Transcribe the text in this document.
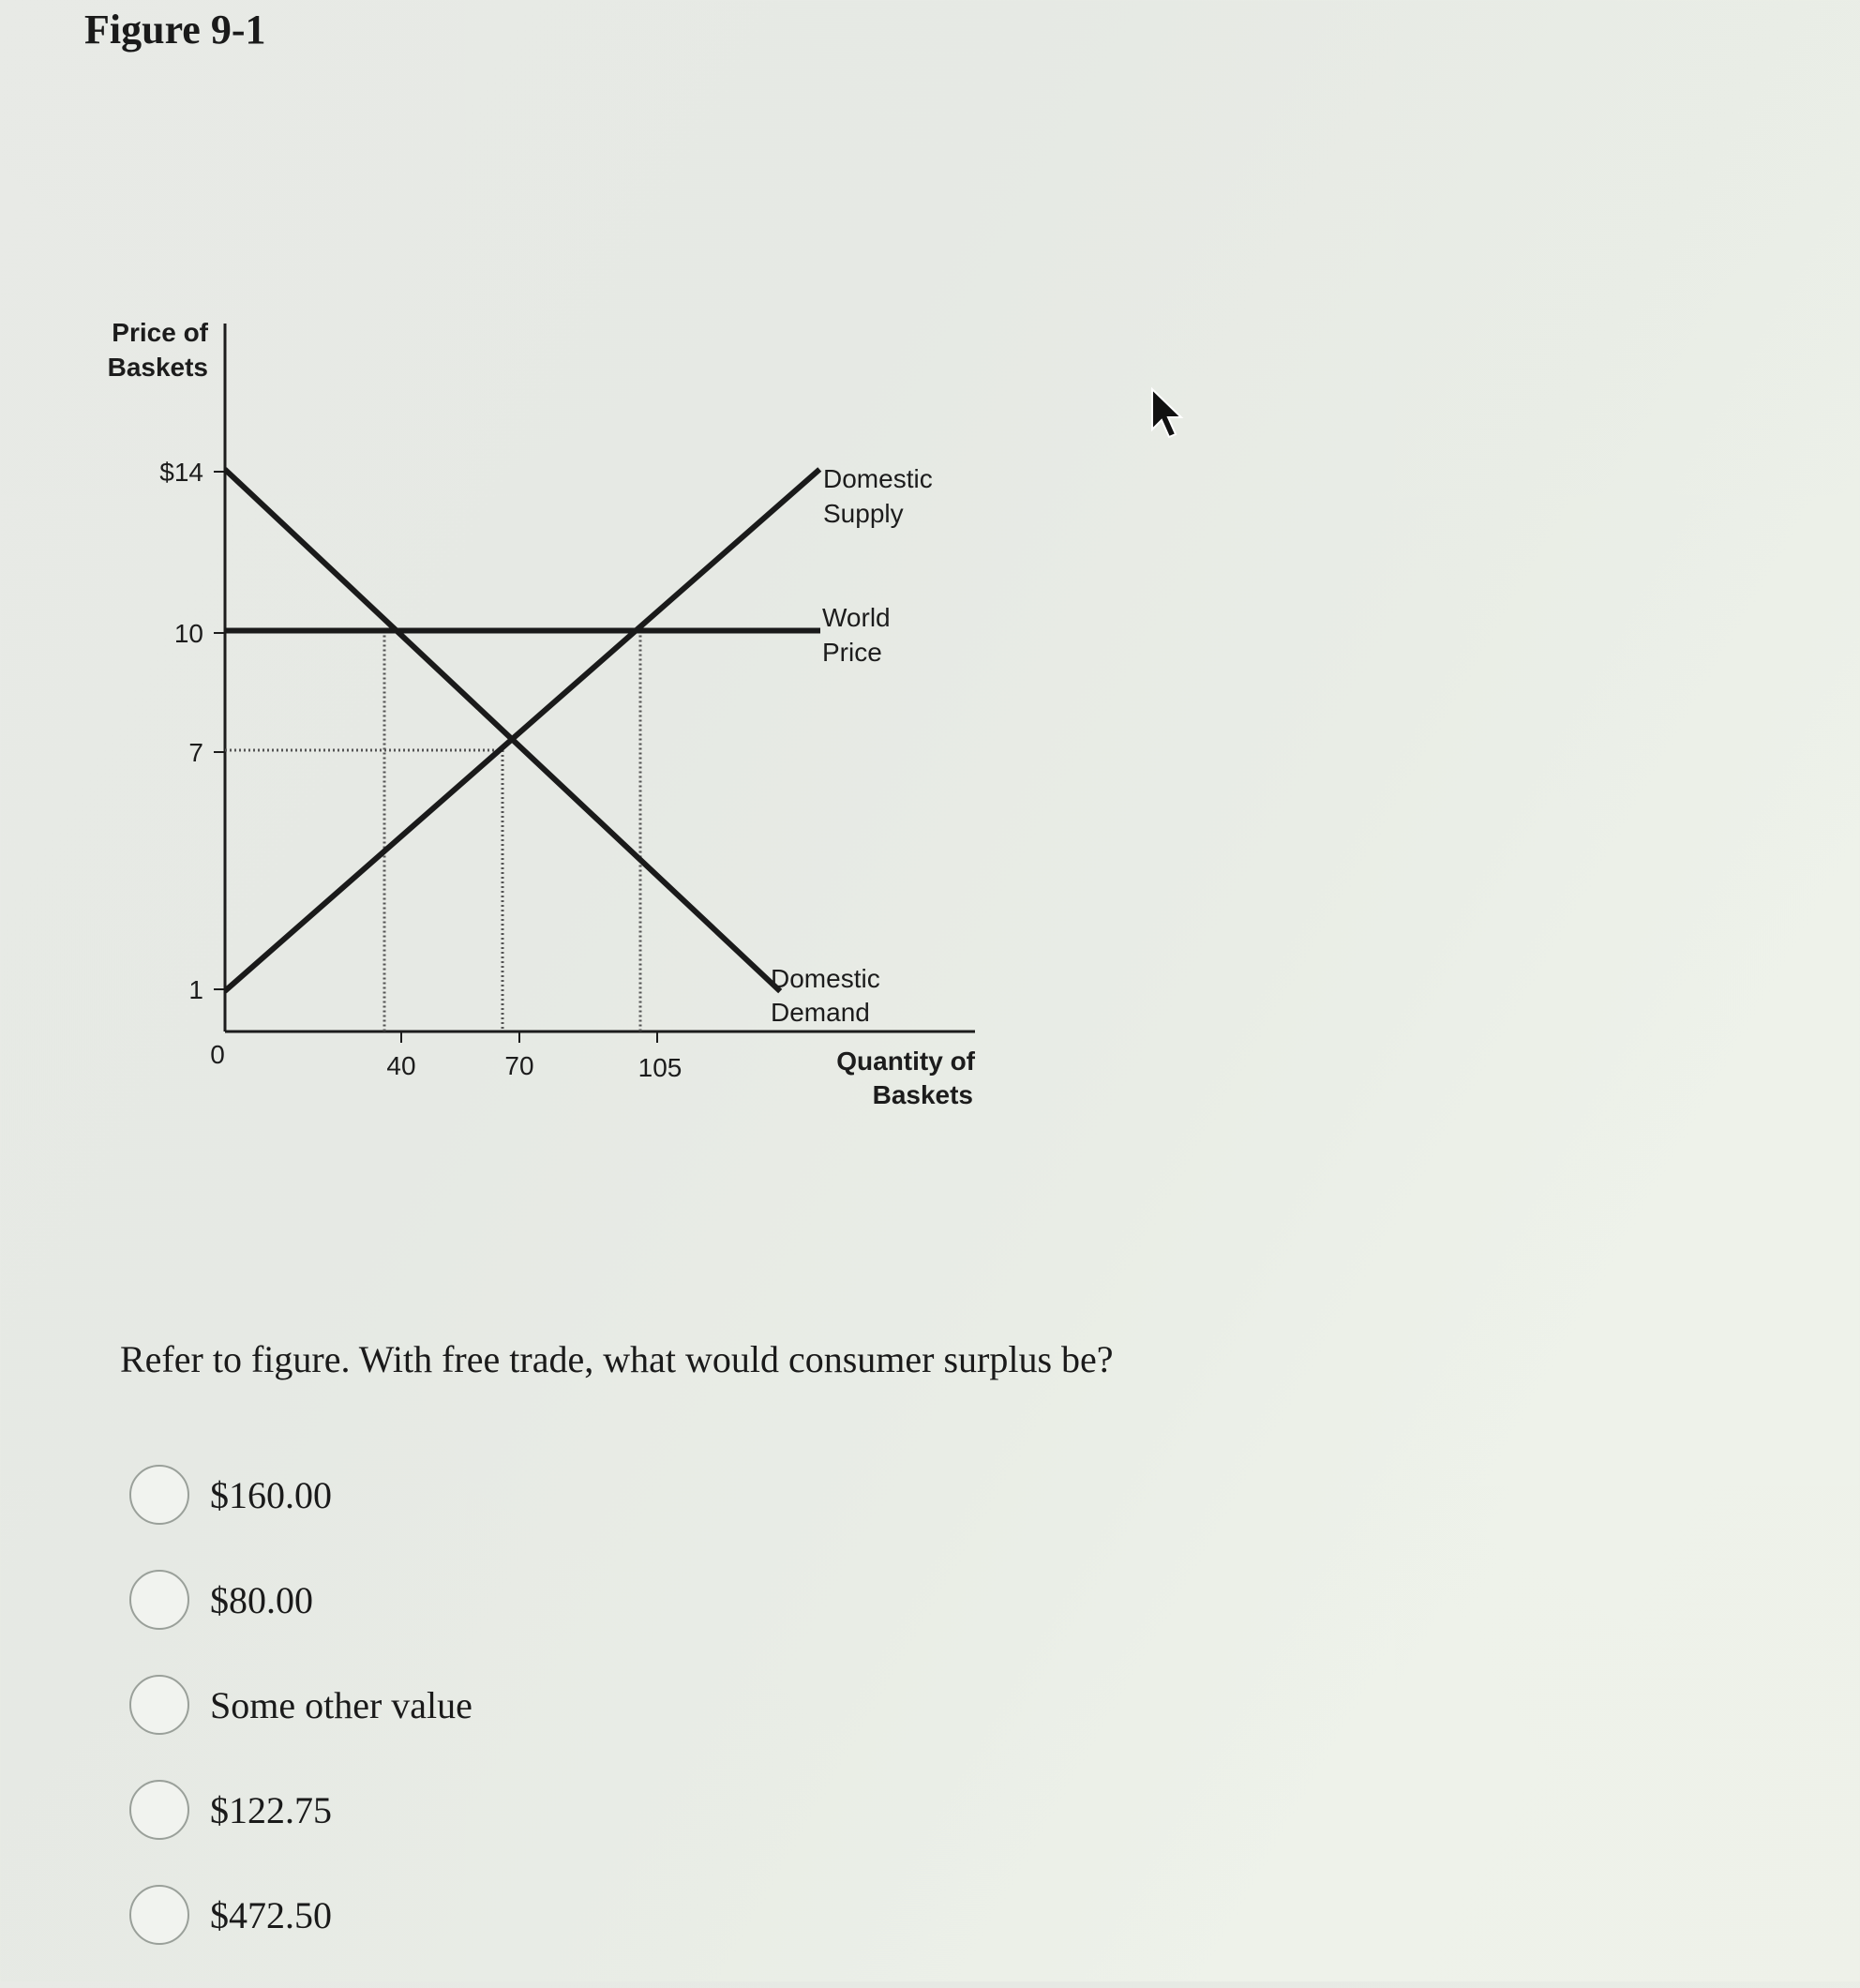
Figure 9-1
Price of
Baskets
$14
10
7
1
0	40	70	105	Quantity of
Baskets
Domestic
Supply
World
Price
Domestic
Demand

Refer to figure. With free trade, what would consumer surplus be?

$160.00
$80.00
Some other value
$122.75
$472.50
